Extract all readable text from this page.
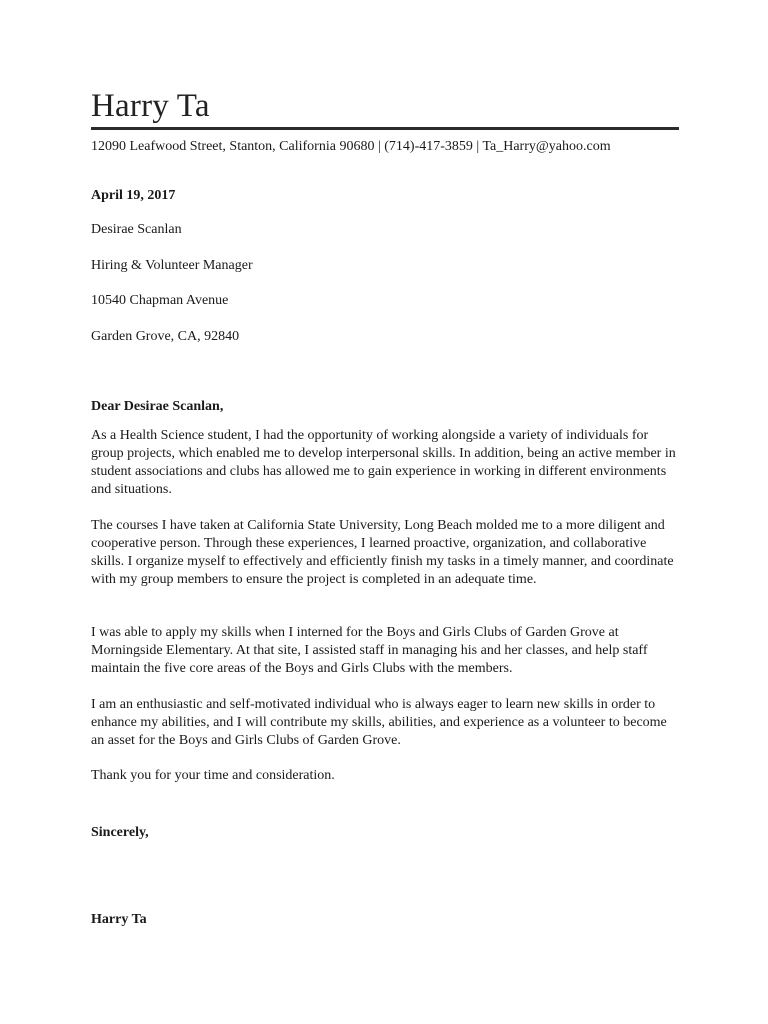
Harry Ta
12090 Leafwood Street, Stanton, California 90680 | (714)-417-3859 | Ta_Harry@yahoo.com
April 19, 2017
Desirae Scanlan
Hiring & Volunteer Manager
10540 Chapman Avenue
Garden Grove, CA, 92840
Dear Desirae Scanlan,

As a Health Science student, I had the opportunity of working alongside a variety of individuals for group projects, which enabled me to develop interpersonal skills. In addition, being an active member in student associations and clubs has allowed me to gain experience in working in different environments and situations.

The courses I have taken at California State University, Long Beach molded me to a more diligent and cooperative person. Through these experiences, I learned proactive, organization, and collaborative skills. I organize myself to effectively and efficiently finish my tasks in a timely manner, and coordinate with my group members to ensure the project is completed in an adequate time.

I was able to apply my skills when I interned for the Boys and Girls Clubs of Garden Grove at Morningside Elementary. At that site, I assisted staff in managing his and her classes, and help staff maintain the five core areas of the Boys and Girls Clubs with the members.

I am an enthusiastic and self-motivated individual who is always eager to learn new skills in order to enhance my abilities, and I will contribute my skills, abilities, and experience as a volunteer to become an asset for the Boys and Girls Clubs of Garden Grove.

Thank you for your time and consideration.

Sincerely,
Harry Ta
